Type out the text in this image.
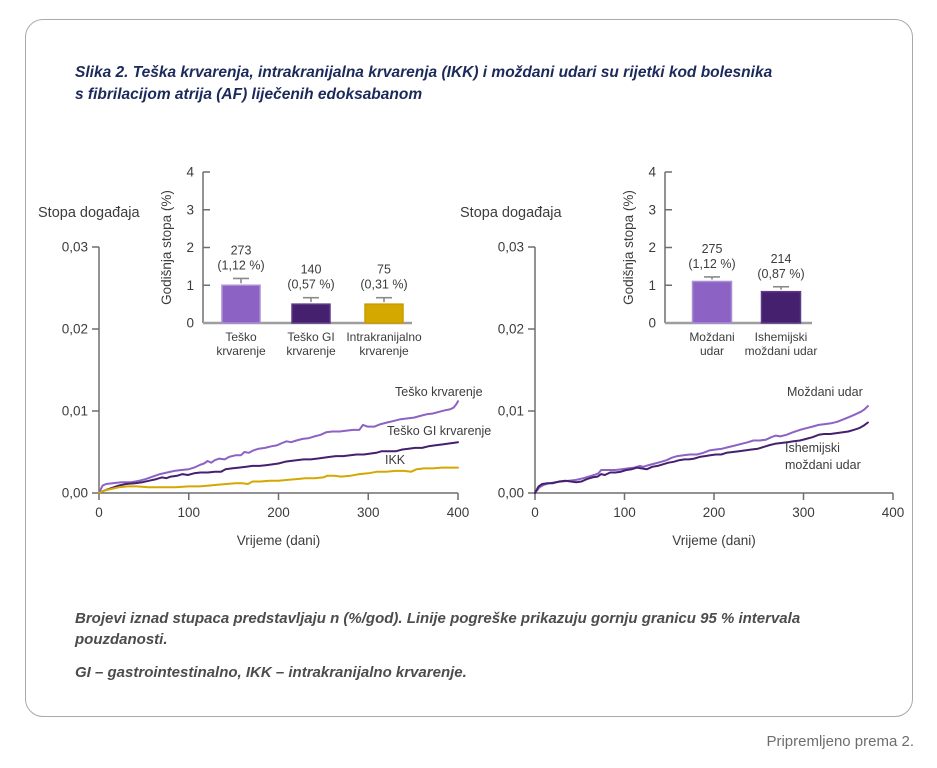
Slika 2. Teška krvarenja, intrakranijalna krvarenja (IKK) i moždani udari su rijetki kod bolesnika s fibrilacijom atrija (AF) liječenih edoksabanom
Stopa događaja	Stopa događaja
0,00
0,01
0,02
0,03
0	100	200	300	400
Vrijeme (dani)
Teško krvarenje
Teško GI krvarenje
IKK
0
1
2
3
4
Godišnja stopa (%)	273
(1,12 %)
Teško
krvarenje
140
(0,57 %)
Teško GI
krvarenje
75
(0,31 %)
Intrakranijalno
krvarenje
0,00
0,01
0,02
0,03
0	100	200	300	400
Vrijeme (dani)
Moždani udar
Ishemijski
moždani udar
0
1
2
3
4
Godišnja stopa (%)	275
(1,12 %)
Moždani
udar
214
(0,87 %)
Ishemijski
moždani udar
Brojevi iznad stupaca predstavljaju n (%/god). Linije pogreške prikazuju gornju granicu 95 % intervala pouzdanosti.
GI – gastrointestinalno, IKK – intrakranijalno krvarenje.
Pripremljeno prema 2.
